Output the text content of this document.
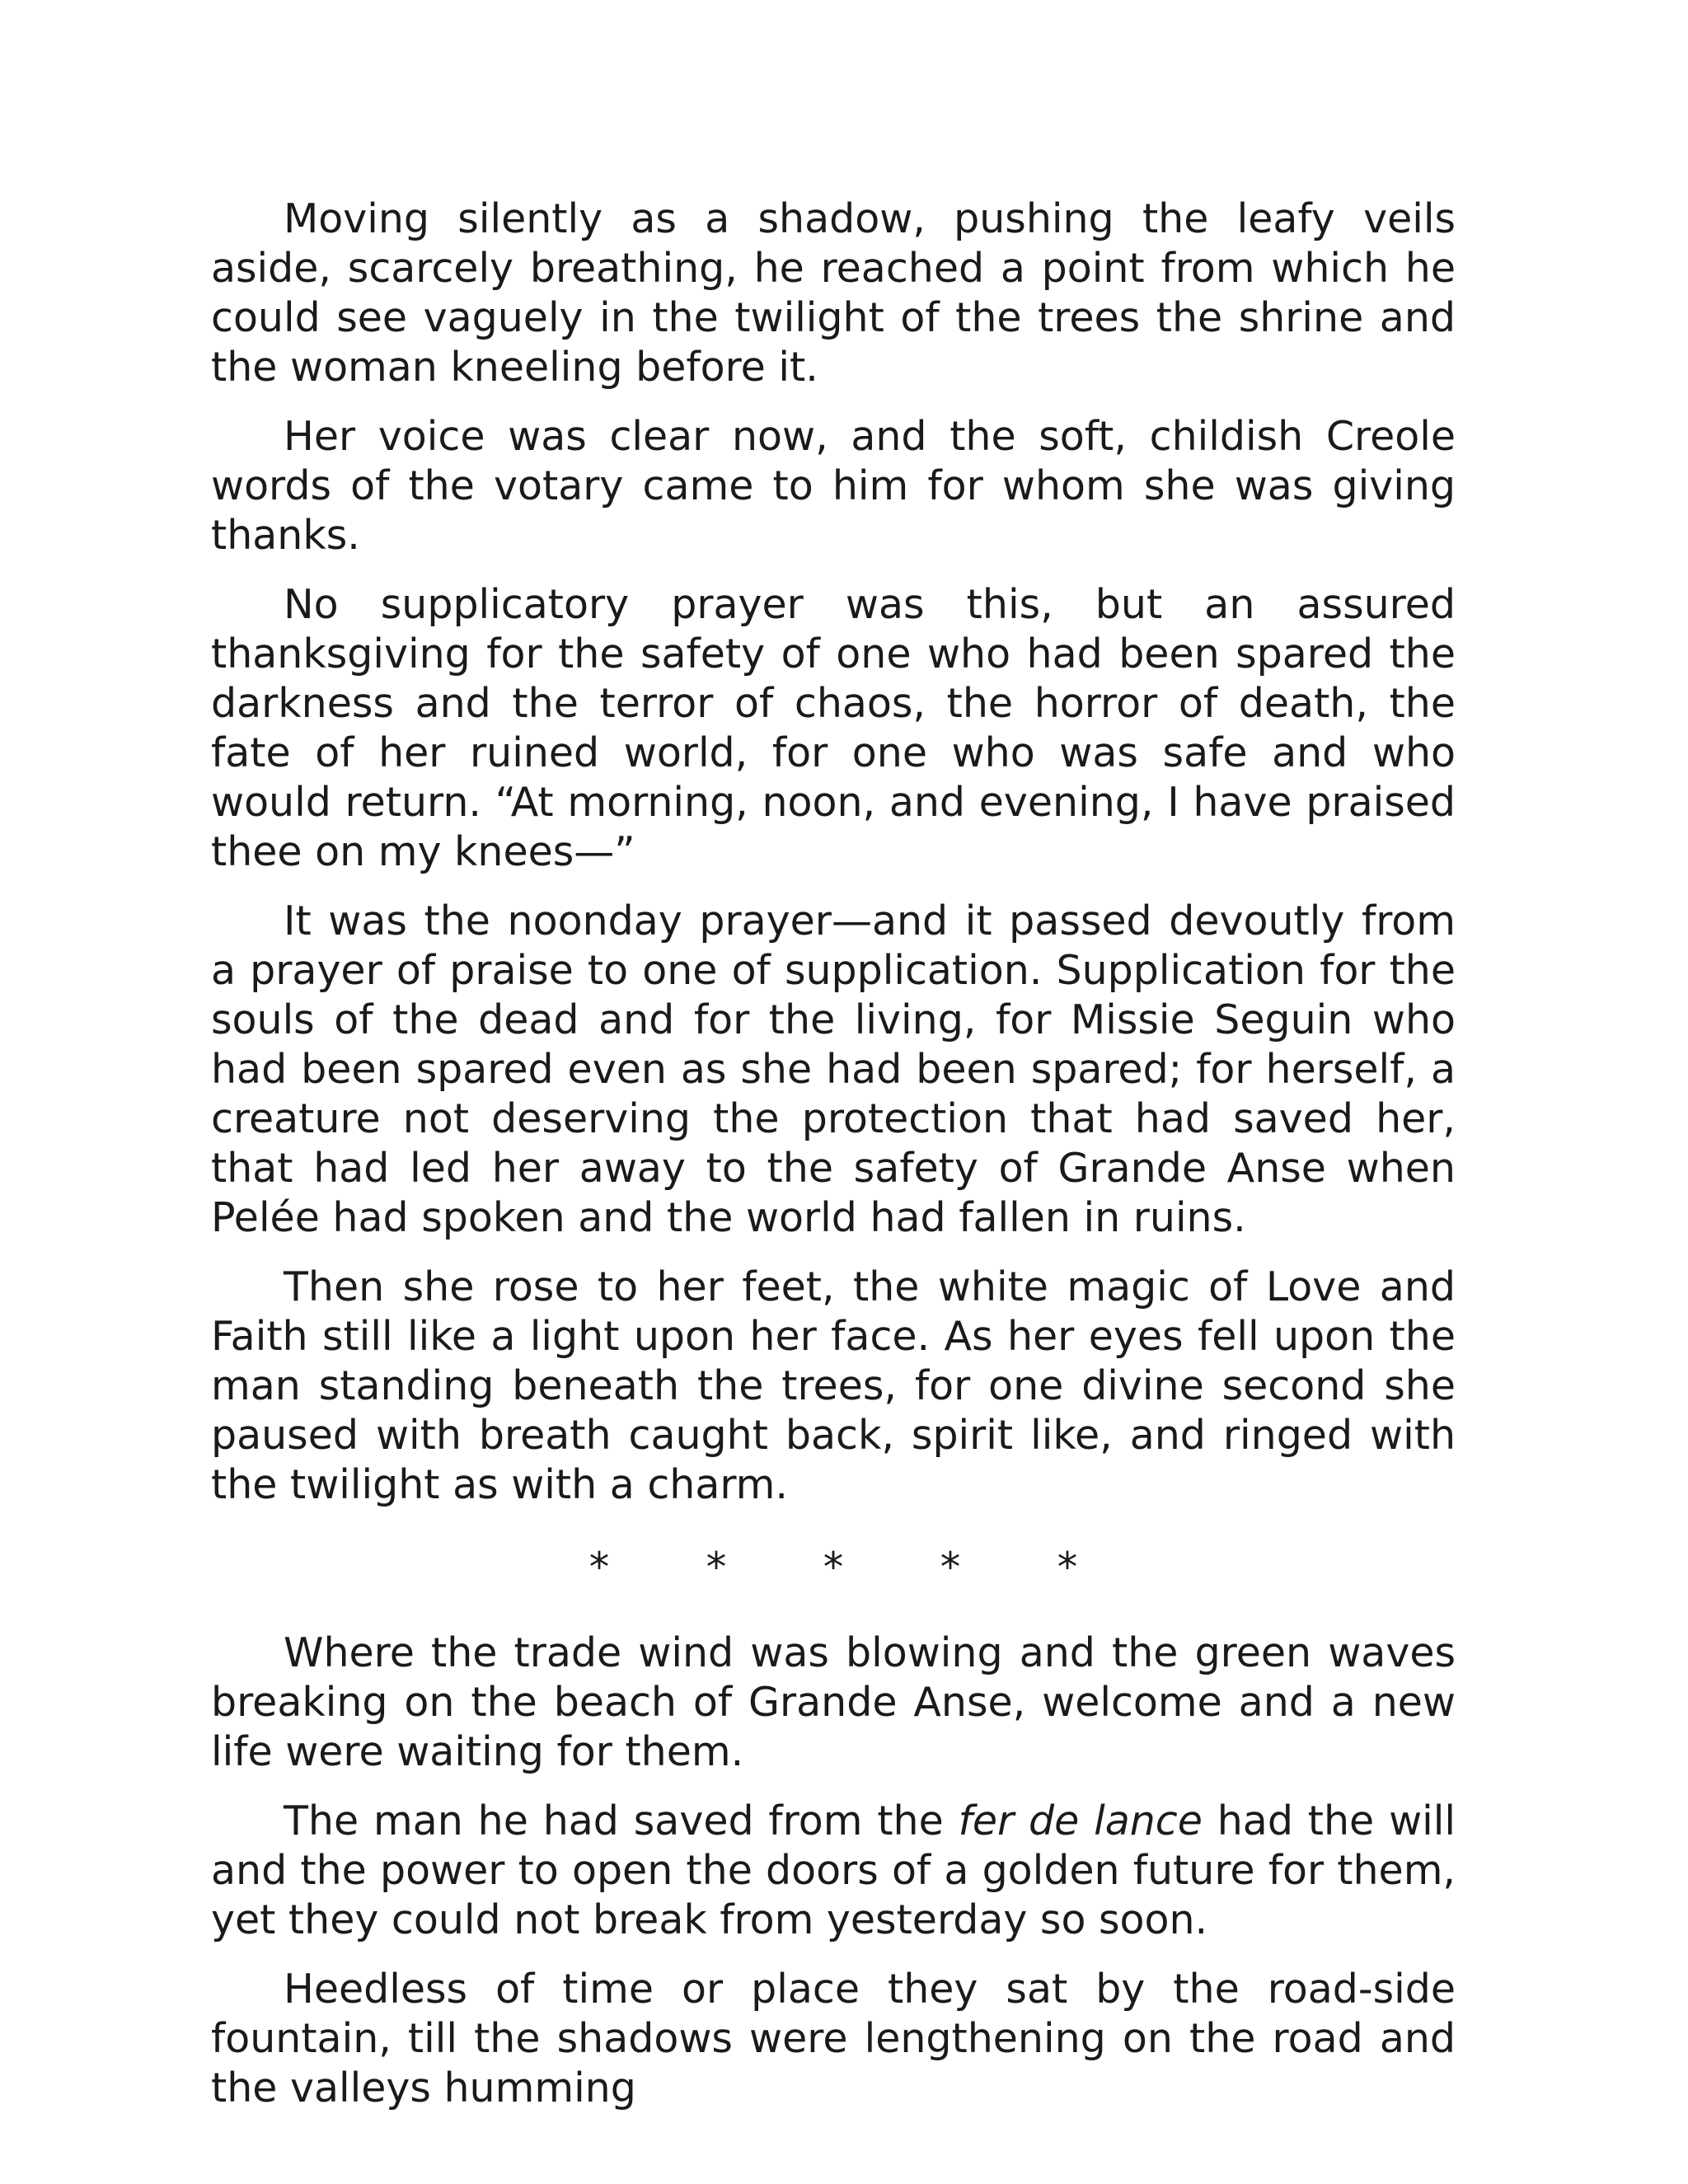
Moving silently as a shadow, pushing the leafy veils aside, scarcely breathing, he reached a point from which he could see vaguely in the twilight of the trees the shrine and the woman kneeling before it.

Her voice was clear now, and the soft, childish Creole words of the votary came to him for whom she was giving thanks.

No supplicatory prayer was this, but an assured thanksgiving for the safety of one who had been spared the darkness and the terror of chaos, the horror of death, the fate of her ruined world, for one who was safe and who would return. “At morning, noon, and evening, I have praised thee on my knees—”

It was the noonday prayer—and it passed devoutly from a prayer of praise to one of supplication. Supplication for the souls of the dead and for the living, for Missie Seguin who had been spared even as she had been spared; for herself, a creature not deserving the protection that had saved her, that had led her away to the safety of Grande Anse when Pelée had spoken and the world had fallen in ruins.

Then she rose to her feet, the white magic of Love and Faith still like a light upon her face. As her eyes fell upon the man standing beneath the trees, for one divine second she paused with breath caught back, spirit like, and ringed with the twilight as with a charm.

* * * * *

Where the trade wind was blowing and the green waves breaking on the beach of Grande Anse, welcome and a new life were waiting for them.

The man he had saved from the fer de lance had the will and the power to open the doors of a golden future for them, yet they could not break from yesterday so soon.

Heedless of time or place they sat by the road-side fountain, till the shadows were lengthening on the road and the valleys humming
